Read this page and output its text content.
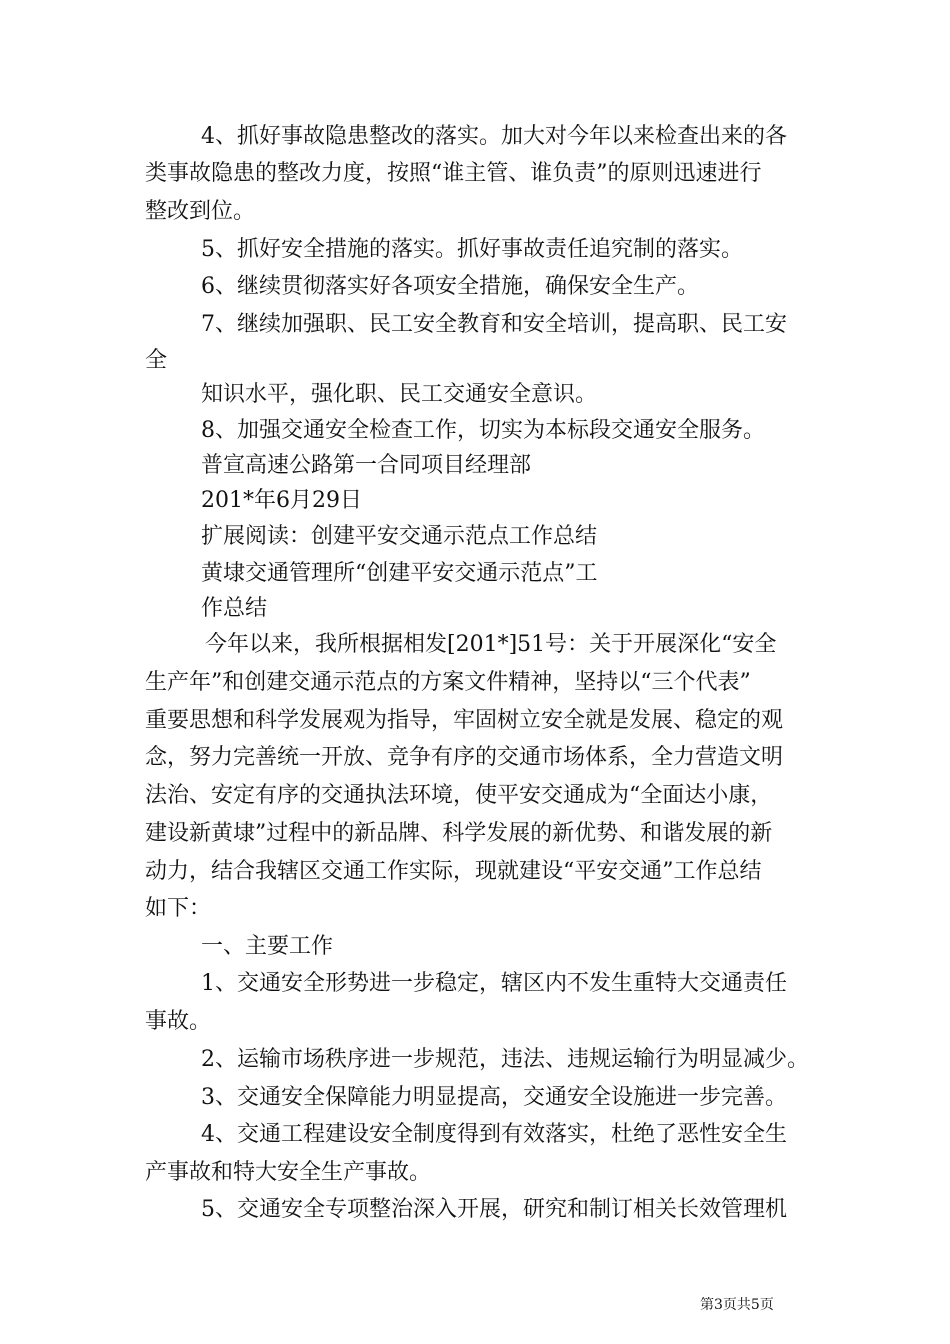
4、抓好事故隐患整改的落实。加大对今年以来检查出来的各

类事故隐患的整改力度，按照“谁主管、谁负责”的原则迅速进行

整改到位。

5、抓好安全措施的落实。抓好事故责任追究制的落实。

6、继续贯彻落实好各项安全措施，确保安全生产。

7、继续加强职、民工安全教育和安全培训，提高职、民工安

全

知识水平，强化职、民工交通安全意识。

8、加强交通安全检查工作，切实为本标段交通安全服务。

普宣高速公路第一合同项目经理部

201*年6月29日

扩展阅读：创建平安交通示范点工作总结

黄埭交通管理所“创建平安交通示范点”工

作总结

今年以来，我所根据相发[201*]51号：关于开展深化“安全

生产年”和创建交通示范点的方案文件精神，坚持以“三个代表”

重要思想和科学发展观为指导，牢固树立安全就是发展、稳定的观

念，努力完善统一开放、竞争有序的交通市场体系，全力营造文明

法治、安定有序的交通执法环境，使平安交通成为“全面达小康，

建设新黄埭”过程中的新品牌、科学发展的新优势、和谐发展的新

动力，结合我辖区交通工作实际，现就建设“平安交通”工作总结

如下：

一、主要工作

1、交通安全形势进一步稳定，辖区内不发生重特大交通责任

事故。

2、运输市场秩序进一步规范，违法、违规运输行为明显减少。

3、交通安全保障能力明显提高，交通安全设施进一步完善。

4、交通工程建设安全制度得到有效落实，杜绝了恶性安全生

产事故和特大安全生产事故。

5、交通安全专项整治深入开展，研究和制订相关长效管理机

第3页共5页
